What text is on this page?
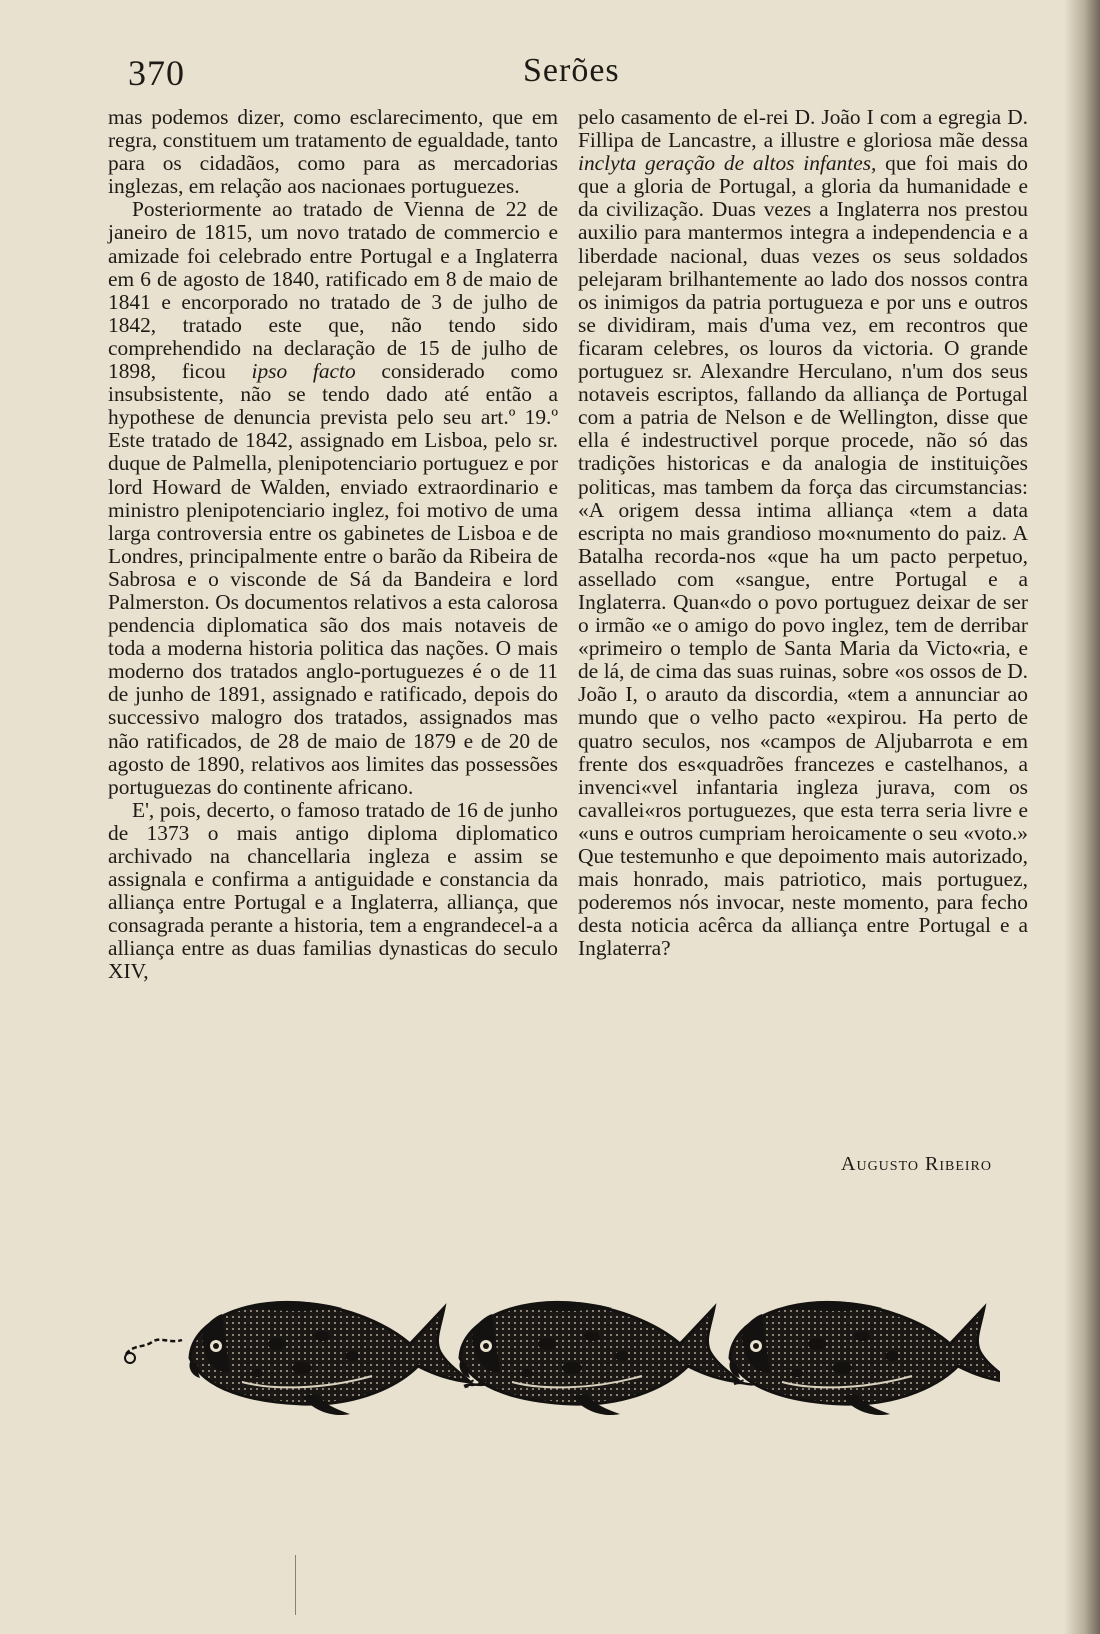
370	Serões

mas podemos dizer, como esclarecimento, que em regra, constituem um tratamento de egualdade, tanto para os cidadãos, como para as mercadorias inglezas, em relação aos nacionaes portuguezes.

Posteriormente ao tratado de Vienna de 22 de janeiro de 1815, um novo tratado de commercio e amizade foi celebrado entre Portugal e a Inglaterra em 6 de agosto de 1840, ratificado em 8 de maio de 1841 e encorporado no tratado de 3 de julho de 1842, tratado este que, não tendo sido comprehendido na declaração de 15 de julho de 1898, ficou ipso facto considerado como insubsistente, não se tendo dado até então a hypothese de denuncia prevista pelo seu art.º 19.º Este tratado de 1842, assignado em Lisboa, pelo sr. duque de Palmella, plenipotenciario portuguez e por lord Howard de Walden, enviado extraordinario e ministro plenipotenciario inglez, foi motivo de uma larga controversia entre os gabinetes de Lisboa e de Londres, principalmente entre o barão da Ribeira de Sabrosa e o visconde de Sá da Bandeira e lord Palmerston. Os documentos relativos a esta calorosa pendencia diplomatica são dos mais notaveis de toda a moderna historia politica das nações. O mais moderno dos tratados anglo-portuguezes é o de 11 de junho de 1891, assignado e ratificado, depois do successivo malogro dos tratados, assignados mas não ratificados, de 28 de maio de 1879 e de 20 de agosto de 1890, relativos aos limites das possessões portuguezas do continente africano.

E', pois, decerto, o famoso tratado de 16 de junho de 1373 o mais antigo diploma diplomatico archivado na chancellaria ingleza e assim se assignala e confirma a antiguidade e constancia da alliança entre Portugal e a Inglaterra, alliança, que consagrada perante a historia, tem a engrandecel-a a alliança entre as duas familias dynasticas do seculo XIV,

pelo casamento de el-rei D. João I com a egregia D. Fillipa de Lancastre, a illustre e gloriosa mãe dessa inclyta geração de altos infantes, que foi mais do que a gloria de Portugal, a gloria da humanidade e da civilização. Duas vezes a Inglaterra nos prestou auxilio para mantermos integra a independencia e a liberdade nacional, duas vezes os seus soldados pelejaram brilhantemente ao lado dos nossos contra os inimigos da patria portugueza e por uns e outros se dividiram, mais d'uma vez, em recontros que ficaram celebres, os louros da victoria. O grande portuguez sr. Alexandre Herculano, n'um dos seus notaveis escriptos, fallando da alliança de Portugal com a patria de Nelson e de Wellington, disse que ella é indestructivel porque procede, não só das tradições historicas e da analogia de instituições politicas, mas tambem da força das circumstancias: «A origem dessa intima alliança «tem a data escripta no mais grandioso mo«numento do paiz. A Batalha recorda-nos «que ha um pacto perpetuo, assellado com «sangue, entre Portugal e a Inglaterra. Quan«do o povo portuguez deixar de ser o irmão «e o amigo do povo inglez, tem de derribar «primeiro o templo de Santa Maria da Victo«ria, e de lá, de cima das suas ruinas, sobre «os ossos de D. João I, o arauto da discordia, «tem a annunciar ao mundo que o velho pacto «expirou. Ha perto de quatro seculos, nos «campos de Aljubarrota e em frente dos es«quadrões francezes e castelhanos, a invenci«vel infantaria ingleza jurava, com os cavallei«ros portuguezes, que esta terra seria livre e «uns e outros cumpriam heroicamente o seu «voto.» Que testemunho e que depoimento mais autorizado, mais honrado, mais patriotico, mais portuguez, poderemos nós invocar, neste momento, para fecho desta noticia acêrca da alliança entre Portugal e a Inglaterra?

Augusto Ribeiro
